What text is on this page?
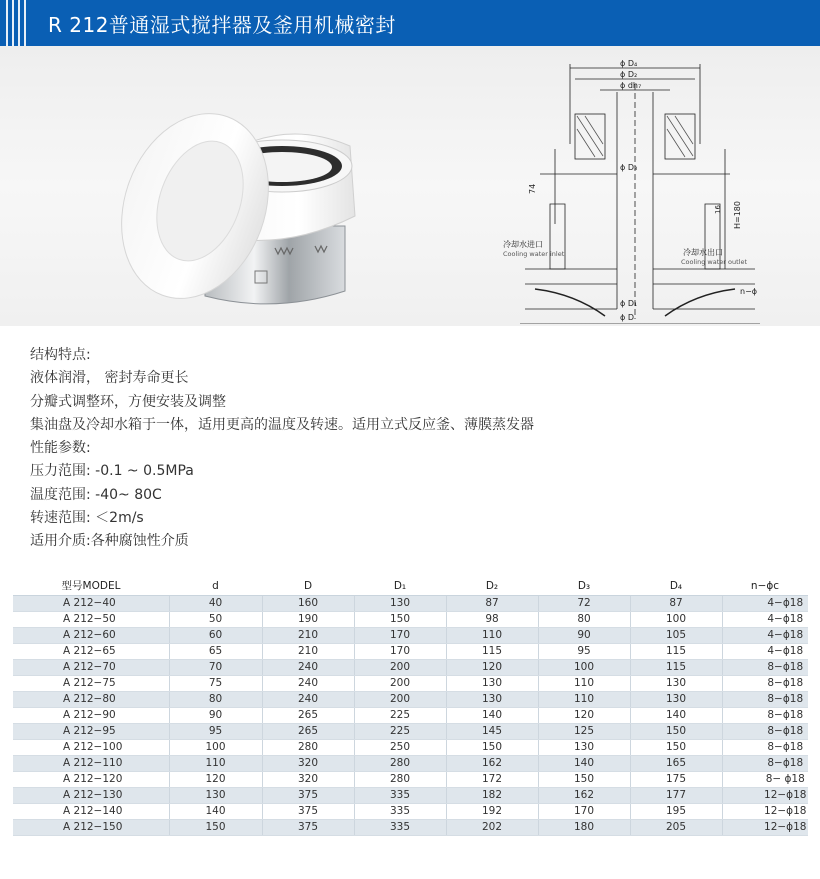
R 212普通湿式搅拌器及釜用机械密封
ϕ D₄
ϕ D₂
ϕ dh₇
ϕ D₃
ϕ D₁
ϕ D
74
H=180
16
n−ϕ
冷却水进口
Cooling water inlet	冷却水出口
Cooling water outlet
结构特点:
液体润滑， 密封寿命更长
分瓣式调整环，方便安装及调整
集油盘及冷却水箱于一体，适用更高的温度及转速。适用立式反应釜、薄膜蒸发器
性能参数:
压力范围: -0.1 ~ 0.5MPa
温度范围: -40~ 80C
转速范围: ＜2m/s
适用介质:各种腐蚀性介质
型号MODEL	d	D	D₁	D₂	D₃	D₄	n−ϕc
A 212−40	40	160	130	87	72	87	4−ϕ18
A 212−50	50	190	150	98	80	100	4−ϕ18
A 212−60	60	210	170	110	90	105	4−ϕ18
A 212−65	65	210	170	115	95	115	4−ϕ18
A 212−70	70	240	200	120	100	115	8−ϕ18
A 212−75	75	240	200	130	110	130	8−ϕ18
A 212−80	80	240	200	130	110	130	8−ϕ18
A 212−90	90	265	225	140	120	140	8−ϕ18
A 212−95	95	265	225	145	125	150	8−ϕ18
A 212−100	100	280	250	150	130	150	8−ϕ18
A 212−110	110	320	280	162	140	165	8−ϕ18
A 212−120	120	320	280	172	150	175	8− ϕ18
A 212−130	130	375	335	182	162	177	12−ϕ18
A 212−140	140	375	335	192	170	195	12−ϕ18
A 212−150	150	375	335	202	180	205	12−ϕ18
